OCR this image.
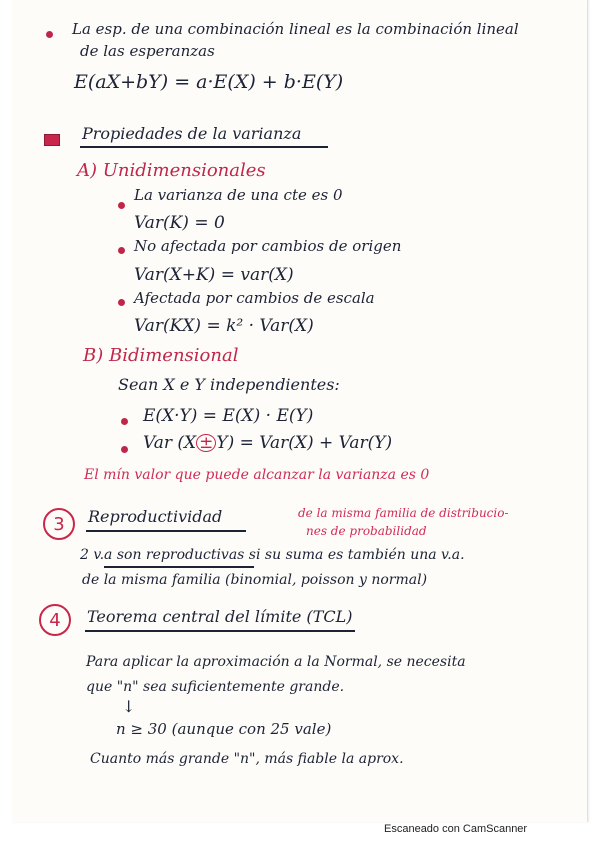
La esp. de una combinación lineal es la combinación lineal
de las esperanzas
E(aX+bY) = a·E(X) + b·E(Y)
Propiedades de la varianza
A) Unidimensionales
La varianza de una cte es 0
Var(K) = 0
No afectada por cambios de origen
Var(X+K) = var(X)
Afectada por cambios de escala
Var(KX) = k² · Var(X)
B) Bidimensional
Sean X e Y independientes:
E(X·Y) = E(X) · E(Y)
Var (X ± Y) = Var(X) + Var(Y)
El mín valor que puede alcanzar la varianza es 0
3	Reproductividad	de la misma familia de distribucio-
nes de probabilidad
2 v.a son reproductivas si su suma es también una v.a.
de la misma familia (binomial, poisson y normal)
4	Teorema central del límite (TCL)
Para aplicar la aproximación a la Normal, se necesita
que "n" sea suficientemente grande.
↓
n ≥ 30 (aunque con 25 vale)
Cuanto más grande "n", más fiable la aprox.
Escaneado con CamScanner
